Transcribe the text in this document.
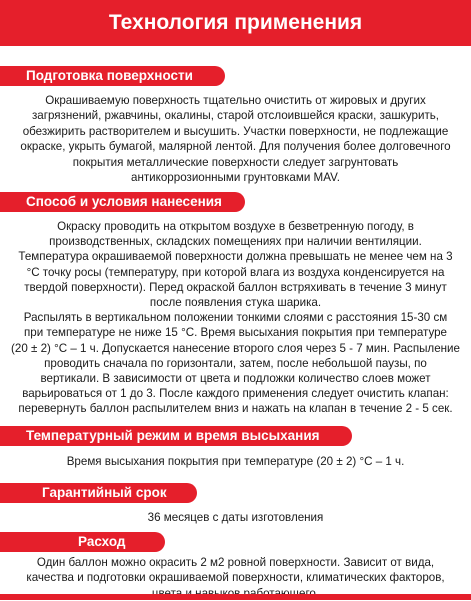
Технология применения
Подготовка поверхности

Окрашиваемую поверхность тщательно очистить от жировых и других
загрязнений, ржавчины, окалины, старой отслоившейся краски, зашкурить,
обезжирить растворителем и высушить. Участки поверхности, не подлежащие
окраске, укрыть бумагой, малярной лентой. Для получения более долговечного
покрытия металлические поверхности следует загрунтовать
антикоррозионными грунтовками MAV.

Способ и условия нанесения

Окраску проводить на открытом воздухе в безветренную погоду, в
производственных, складских помещениях при наличии вентиляции.
Температура окрашиваемой поверхности должна превышать не менее чем на 3
°С точку росы (температуру, при которой влага из воздуха конденсируется на
твердой поверхности). Перед окраской баллон встряхивать в течение 3 минут
после появления стука шарика.
Распылять в вертикальном положении тонкими слоями с расстояния 15-30 см
при температуре не ниже 15 °С. Время высыхания покрытия при температуре
(20 ± 2) °С – 1 ч. Допускается нанесение второго слоя через 5 - 7 мин. Распыление
проводить сначала по горизонтали, затем, после небольшой паузы, по
вертикали. В зависимости от цвета и подложки количество слоев может
варьироваться от 1 до 3. После каждого применения следует очистить клапан:
перевернуть баллон распылителем вниз и нажать на клапан в течение 2 - 5 сек.

Температурный режим и время высыхания

Время высыхания покрытия при температуре (20 ± 2) °С – 1 ч.

Гарантийный срок

36 месяцев с даты изготовления

Расход

Один баллон можно окрасить 2 м2 ровной поверхности. Зависит от вида,
качества и подготовки окрашиваемой поверхности, климатических факторов,
